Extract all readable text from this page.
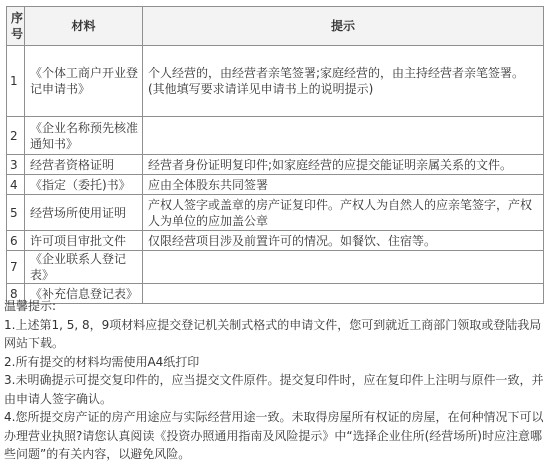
序号	材料	提示
1	《个体工商户开业登记申请书》	个人经营的，由经营者亲笔签署;家庭经营的，由主持经营者亲笔签署。
(其他填写要求请详见申请书上的说明提示)

2	《企业名称预先核准通知书》	
3	经营者资格证明	经营者身份证明复印件;如家庭经营的应提交能证明亲属关系的文件。
4	《指定（委托)书》	应由全体股东共同签署
5	经营场所使用证明	产权人签字或盖章的房产证复印件。产权人为自然人的应亲笔签字，产权人为单位的应加盖公章
6	许可项目审批文件	仅限经营项目涉及前置许可的情况。如餐饮、住宿等。
7	《企业联系人登记表》	
8	《补充信息登记表》	

温馨提示:

1.上述第1, 5, 8，9项材料应提交登记机关制式格式的申请文件，您可到就近工商部门领取或登陆我局网站下载。

2.所有提交的材料均需使用A4纸打印

3.未明确提示可提交复印件的，应当提交文件原件。提交复印件时，应在复印件上注明与原件一致，并由申请人签字确认。

4.您所提交房产证的房产用途应与实际经营用途一致。未取得房屋所有权证的房屋，在何种情况下可以办理营业执照?请您认真阅读《投资办照通用指南及风险提示》中“选择企业住所(经营场所)时应注意哪些问题”的有关内容，以避免风险。
